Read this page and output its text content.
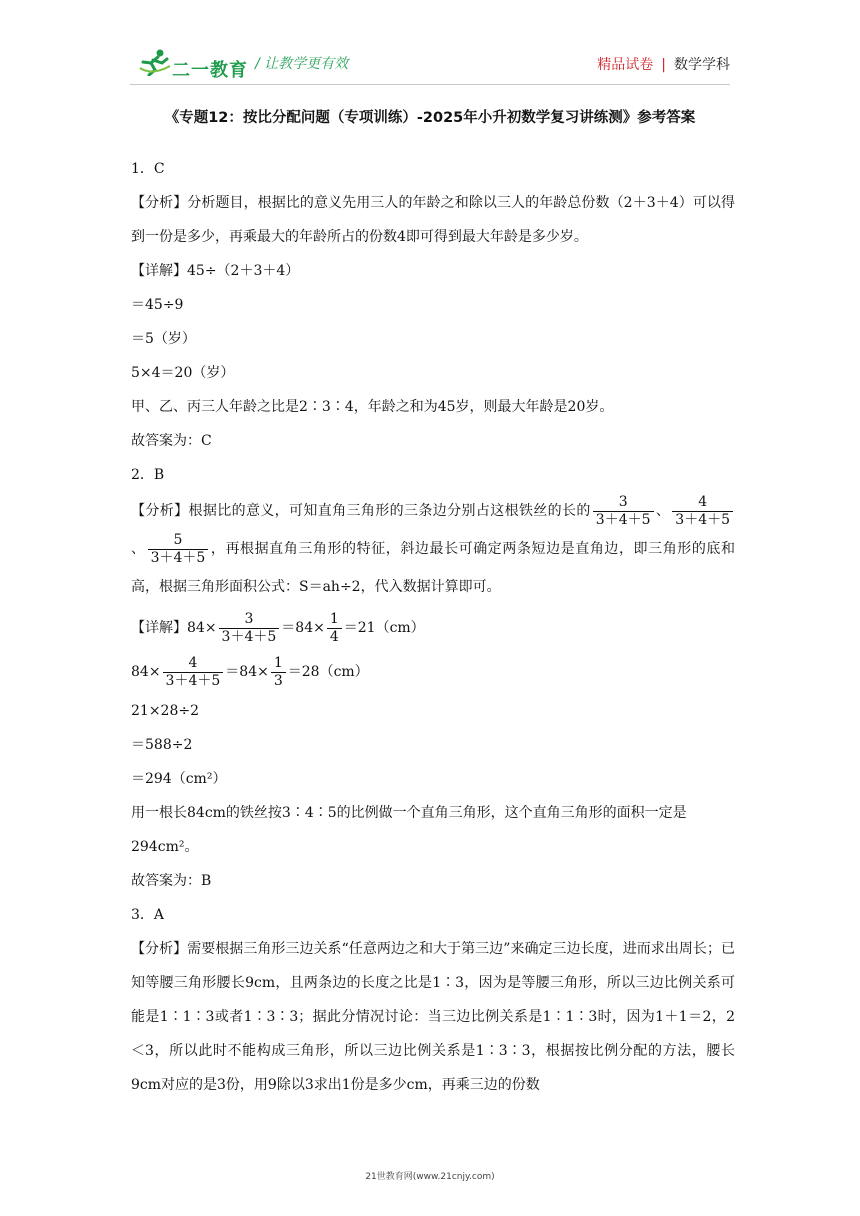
二一教育 / 让教学更有效	精品试卷 | 数学学科
《专题12：按比分配问题（专项训练）-2025年小升初数学复习讲练测》参考答案

1．C

【分析】分析题目，根据比的意义先用三人的年龄之和除以三人的年龄总份数（2＋3＋4）可以得到一份是多少，再乘最大的年龄所占的份数4即可得到最大年龄是多少岁。

【详解】45÷（2＋3＋4）

＝45÷9

＝5（岁）

5×4＝20（岁）

甲、乙、丙三人年龄之比是2∶3∶4，年龄之和为45岁，则最大年龄是20岁。

故答案为：C

2．B

【分析】根据比的意义，可知直角三角形的三条边分别占这根铁丝的长的 $\frac{3}{3+4+5}$ 、 $\frac{4}{3+4+5}$
、 $\frac{5}{3+4+5}$ ，再根据直角三角形的特征，斜边最长可确定两条短边是直角边，即三角形的底和高，根据三角形面积公式：S＝ah÷2，代入数据计算即可。

【详解】$84\times \frac{3}{3+4+5} =84\times \frac{1}{4} =21(cm)$

$84\times \frac{4}{3+4+5} =84\times \frac{1}{3} =28(cm)$

21×28÷2

＝588÷2

＝294（cm²）

用一根长84cm的铁丝按3∶4∶5的比例做一个直角三角形，这个直角三角形的面积一定是

294cm²。

故答案为：B

3．A

【分析】需要根据三角形三边关系“任意两边之和大于第三边”来确定三边长度，进而求出周长；已知等腰三角形腰长9cm，且两条边的长度之比是1∶3，因为是等腰三角形，所以三边比例关系可能是1∶1∶3或者1∶3∶3；据此分情况讨论：当三边比例关系是1∶1∶3时，因为1＋1＝2，2＜3，所以此时不能构成三角形，所以三边比例关系是1∶3∶3，根据按比例分配的方法，腰长9cm对应的是3份，用9除以3求出1份是多少cm，再乘三边的份数

21世教育网(www.21cnjy.com)
